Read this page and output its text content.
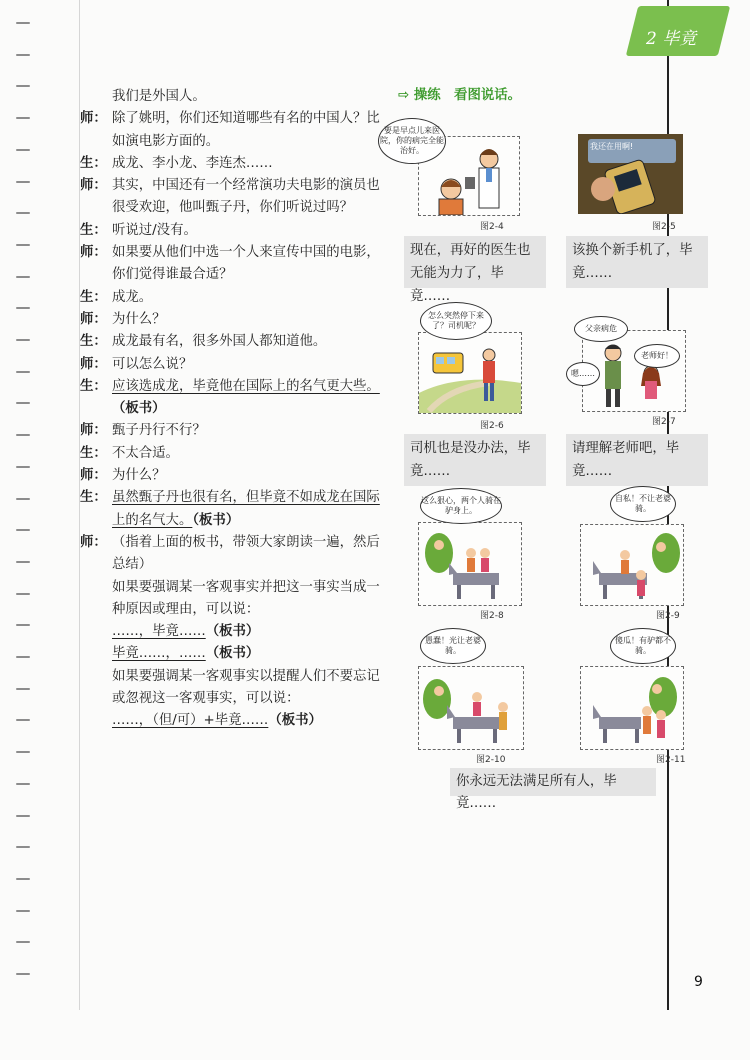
2 毕竟
我们是外国人。
师： 除了姚明，你们还知道哪些有名的中国人？比如演电影方面的。
生： 成龙、李小龙、李连杰……
师： 其实，中国还有一个经常演功夫电影的演员也很受欢迎，他叫甄子丹，你们听说过吗？
生： 听说过/没有。
师： 如果要从他们中选一个人来宣传中国的电影，你们觉得谁最合适？
生： 成龙。
师： 为什么？
生： 成龙最有名，很多外国人都知道他。
师： 可以怎么说？
生： 应该选成龙，毕竟他在国际上的名气更大些。
（板书）
师： 甄子丹行不行？
生： 不太合适。
师： 为什么？
生： 虽然甄子丹也很有名，但毕竟不如成龙在国际上的名气大。（板书）
师： （指着上面的板书，带领大家朗读一遍，然后总结）
如果要强调某一客观事实并把这一事实当成一种原因或理由，可以说：
……，毕竟……（板书）
毕竟……，……（板书）
如果要强调某一客观事实以提醒人们不要忘记或忽视这一客观事实，可以说：
……，（但/可）+毕竟……（板书）
⇨ 操练　看图说话。
要是早点儿来医院，你的病完全能治好。
图2-4
我还在用啊!
图2-5
现在，再好的医生也无能为力了，毕竟……
该换个新手机了，毕竟……
怎么突然停下来了？司机呢？
图2-6
父亲病危
老师好！
嗯……
图2-7
司机也是没办法，毕竟……
请理解老师吧，毕竟……
这么狠心，两个人骑在驴身上。
图2-8
自私！不让老婆骑。
图2-9
愚蠢！光让老婆骑。
图2-10
傻瓜！有驴都不骑。
图2-11
你永远无法满足所有人，毕竟……
9
